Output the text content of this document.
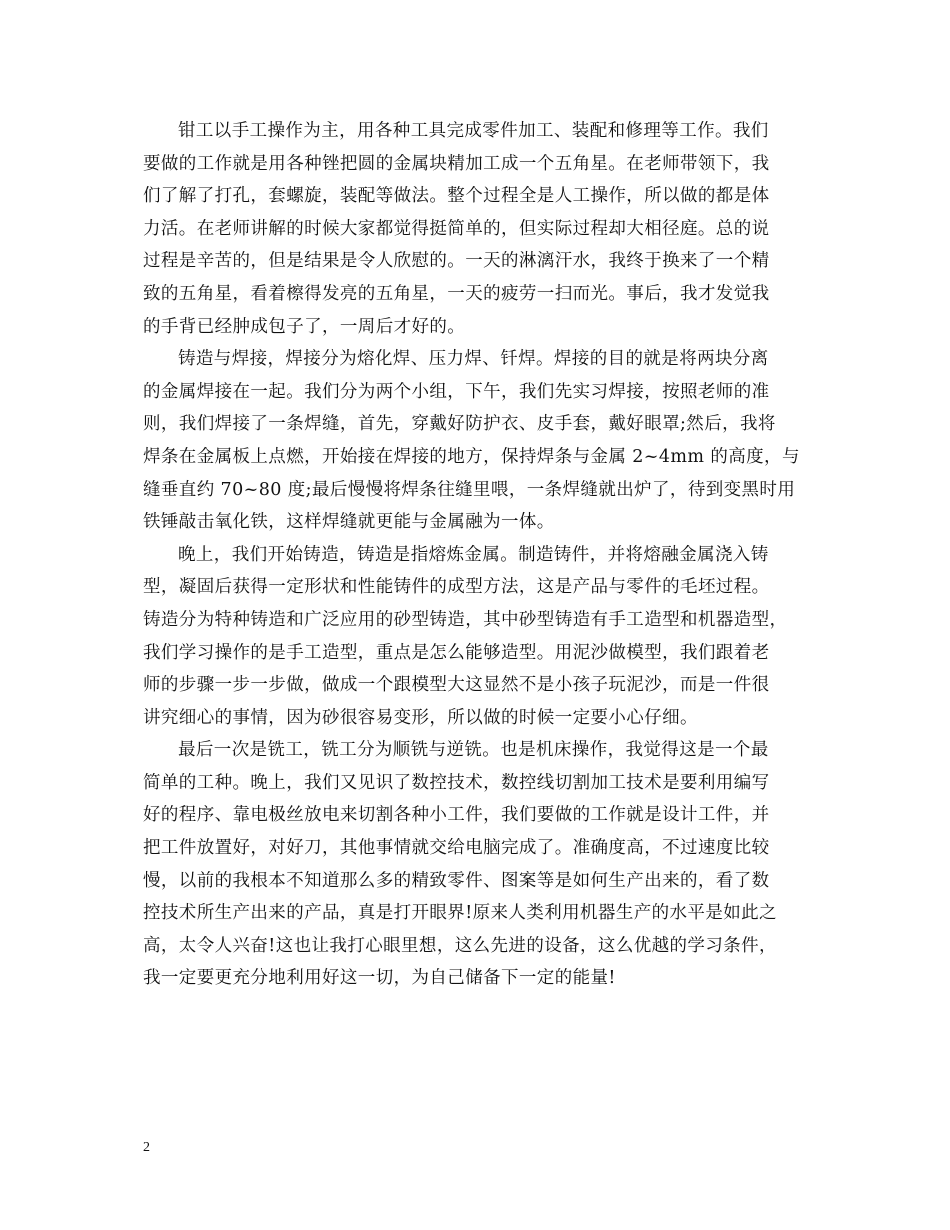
钳工以手工操作为主，用各种工具完成零件加工、装配和修理等工作。我们
要做的工作就是用各种锉把圆的金属块精加工成一个五角星。在老师带领下，我
们了解了打孔，套螺旋，装配等做法。整个过程全是人工操作，所以做的都是体
力活。在老师讲解的时候大家都觉得挺简单的，但实际过程却大相径庭。总的说
过程是辛苦的，但是结果是令人欣慰的。一天的淋漓汗水，我终于换来了一个精
致的五角星，看着檫得发亮的五角星，一天的疲劳一扫而光。事后，我才发觉我
的手背已经肿成包子了，一周后才好的。
铸造与焊接，焊接分为熔化焊、压力焊、钎焊。焊接的目的就是将两块分离
的金属焊接在一起。我们分为两个小组，下午，我们先实习焊接，按照老师的准
则，我们焊接了一条焊缝，首先，穿戴好防护衣、皮手套，戴好眼罩;然后，我将
焊条在金属板上点燃，开始接在焊接的地方，保持焊条与金属 2~4mm 的高度，与
缝垂直约 70~80 度;最后慢慢将焊条往缝里喂，一条焊缝就出炉了，待到变黑时用
铁锤敲击氧化铁，这样焊缝就更能与金属融为一体。
晚上，我们开始铸造，铸造是指熔炼金属。制造铸件，并将熔融金属浇入铸
型，凝固后获得一定形状和性能铸件的成型方法，这是产品与零件的毛坯过程。
铸造分为特种铸造和广泛应用的砂型铸造，其中砂型铸造有手工造型和机器造型，
我们学习操作的是手工造型，重点是怎么能够造型。用泥沙做模型，我们跟着老
师的步骤一步一步做，做成一个跟模型大这显然不是小孩子玩泥沙，而是一件很
讲究细心的事情，因为砂很容易变形，所以做的时候一定要小心仔细。
最后一次是铣工，铣工分为顺铣与逆铣。也是机床操作，我觉得这是一个最
简单的工种。晚上，我们又见识了数控技术，数控线切割加工技术是要利用编写
好的程序、靠电极丝放电来切割各种小工件，我们要做的工作就是设计工件，并
把工件放置好，对好刀，其他事情就交给电脑完成了。准确度高，不过速度比较
慢，以前的我根本不知道那么多的精致零件、图案等是如何生产出来的，看了数
控技术所生产出来的产品，真是打开眼界!原来人类利用机器生产的水平是如此之
高，太令人兴奋!这也让我打心眼里想，这么先进的设备，这么优越的学习条件，
我一定要更充分地利用好这一切，为自己储备下一定的能量!
2
